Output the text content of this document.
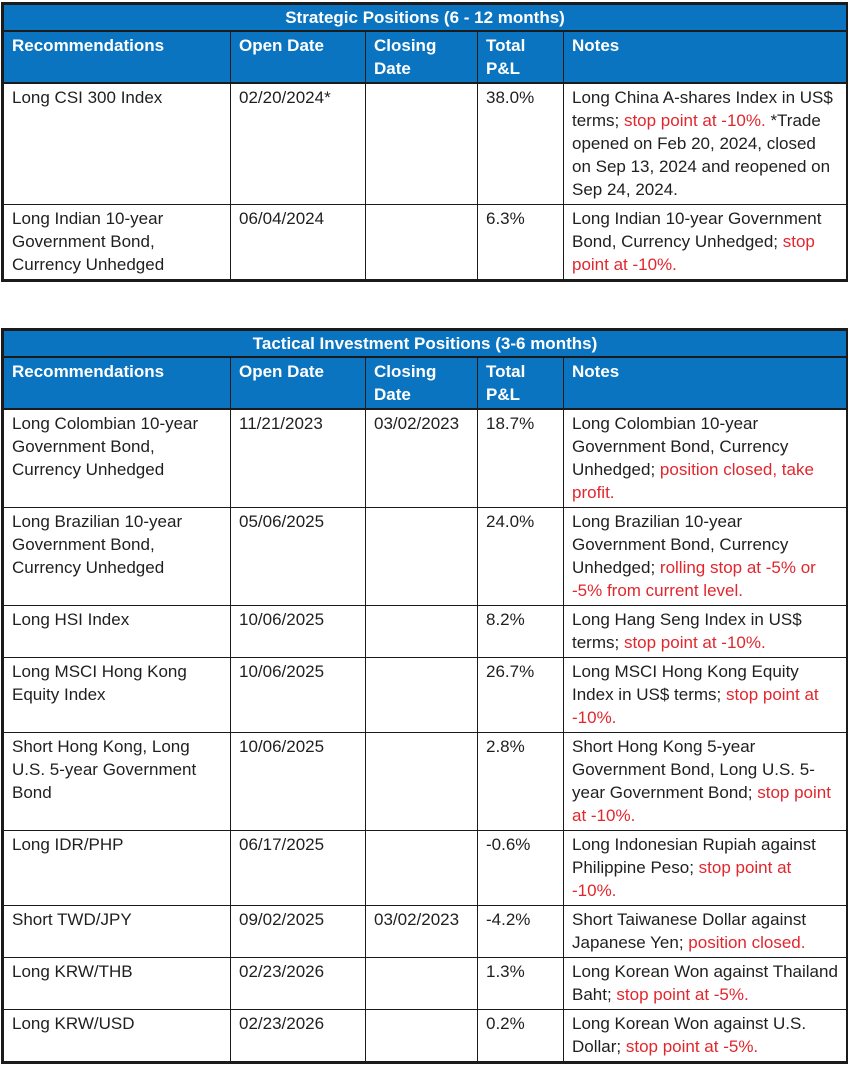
Strategic Positions (6 - 12 months)				
Recommendations	Open Date	Closing Date	Total P&L	Notes
Long CSI 300 Index	02/20/2024*		38.0%	Long China A-shares Index in US$ terms; stop point at -10%. *Trade opened on Feb 20, 2024, closed on Sep 13, 2024 and reopened on Sep 24, 2024.
Long Indian 10-year Government Bond, Currency Unhedged	06/04/2024		6.3%	Long Indian 10-year Government Bond, Currency Unhedged; stop point at -10%.
Tactical Investment Positions (3-6 months)				
Recommendations	Open Date	Closing Date	Total P&L	Notes
Long Colombian 10-year Government Bond, Currency Unhedged	11/21/2023	03/02/2023	18.7%	Long Colombian 10-year Government Bond, Currency Unhedged; position closed, take profit.
Long Brazilian 10-year Government Bond, Currency Unhedged	05/06/2025		24.0%	Long Brazilian 10-year Government Bond, Currency Unhedged; rolling stop at -5% or -5% from current level.
Long HSI Index	10/06/2025		8.2%	Long Hang Seng Index in US$ terms; stop point at -10%.
Long MSCI Hong Kong Equity Index	10/06/2025		26.7%	Long MSCI Hong Kong Equity Index in US$ terms; stop point at -10%.
Short Hong Kong, Long U.S. 5-year Government Bond	10/06/2025		2.8%	Short Hong Kong 5-year Government Bond, Long U.S. 5-year Government Bond; stop point at -10%.
Long IDR/PHP	06/17/2025		-0.6%	Long Indonesian Rupiah against Philippine Peso; stop point at -10%.
Short TWD/JPY	09/02/2025	03/02/2023	-4.2%	Short Taiwanese Dollar against Japanese Yen; position closed.
Long KRW/THB	02/23/2026		1.3%	Long Korean Won against Thailand Baht; stop point at -5%.
Long KRW/USD	02/23/2026		0.2%	Long Korean Won against U.S. Dollar; stop point at -5%.
